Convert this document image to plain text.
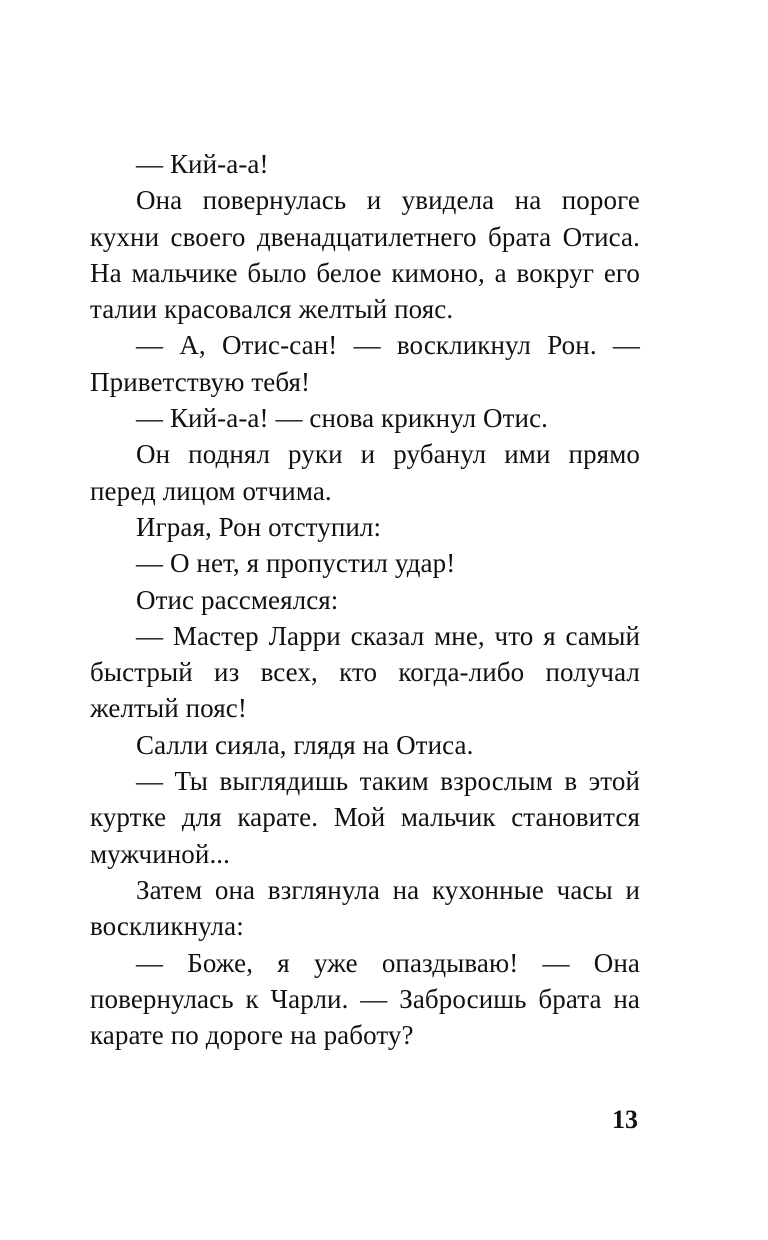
— Кий-а-а!

Она повернулась и увидела на пороге кухни своего двенадцатилетнего брата Отиса. На мальчике было белое кимоно, а вокруг его талии красовался желтый пояс.

— А, Отис-сан! — воскликнул Рон. — Приветствую тебя!

— Кий-а-а! — снова крикнул Отис.

Он поднял руки и рубанул ими прямо перед лицом отчима.

Играя, Рон отступил:

— О нет, я пропустил удар!

Отис рассмеялся:

— Мастер Ларри сказал мне, что я самый быстрый из всех, кто когда-либо получал желтый пояс!

Салли сияла, глядя на Отиса.

— Ты выглядишь таким взрослым в этой куртке для карате. Мой мальчик становится мужчиной...

Затем она взглянула на кухонные часы и воскликнула:

— Боже, я уже опаздываю! — Она повернулась к Чарли. — Забросишь брата на карате по дороге на работу?

13
